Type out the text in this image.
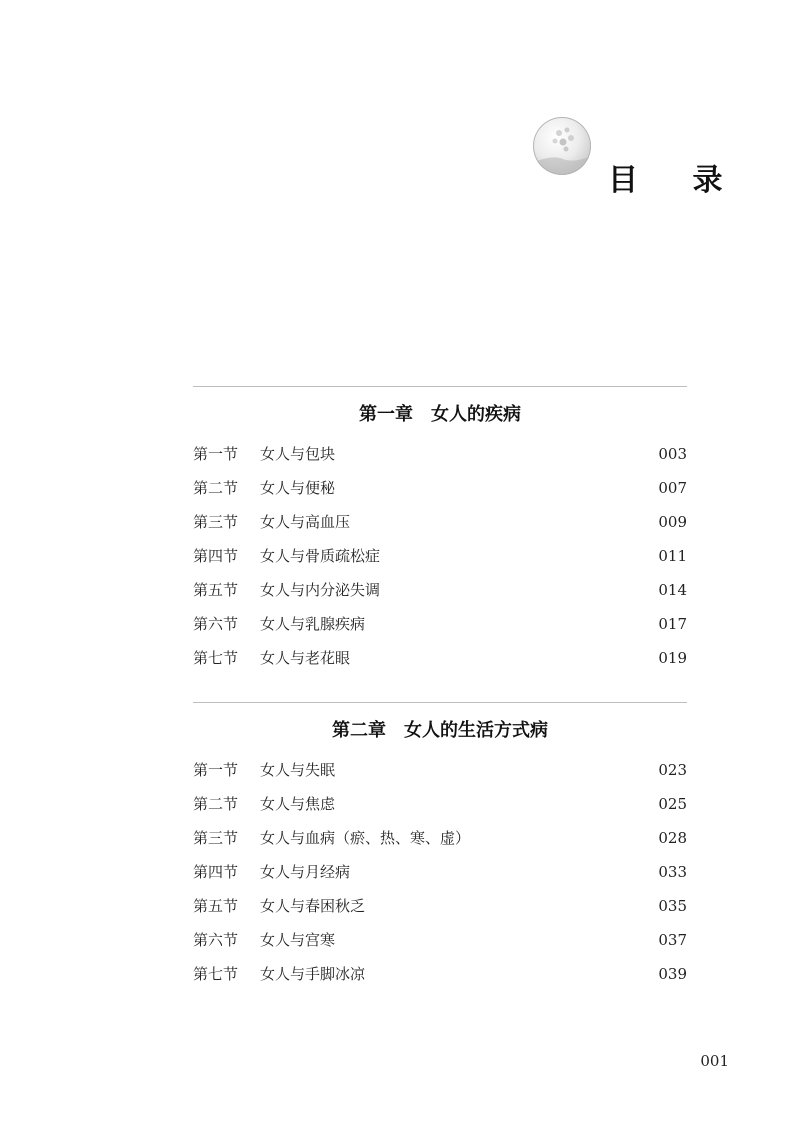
目 录
第一章　女人的疾病
第一节 女人与包块	003
第二节 女人与便秘	007
第三节 女人与高血压	009
第四节 女人与骨质疏松症	011
第五节 女人与内分泌失调	014
第六节 女人与乳腺疾病	017
第七节 女人与老花眼	019
第二章　女人的生活方式病
第一节 女人与失眠	023
第二节 女人与焦虑	025
第三节 女人与血病（瘀、热、寒、虚）	028
第四节 女人与月经病	033
第五节 女人与春困秋乏	035
第六节 女人与宫寒	037
第七节 女人与手脚冰凉	039
001
